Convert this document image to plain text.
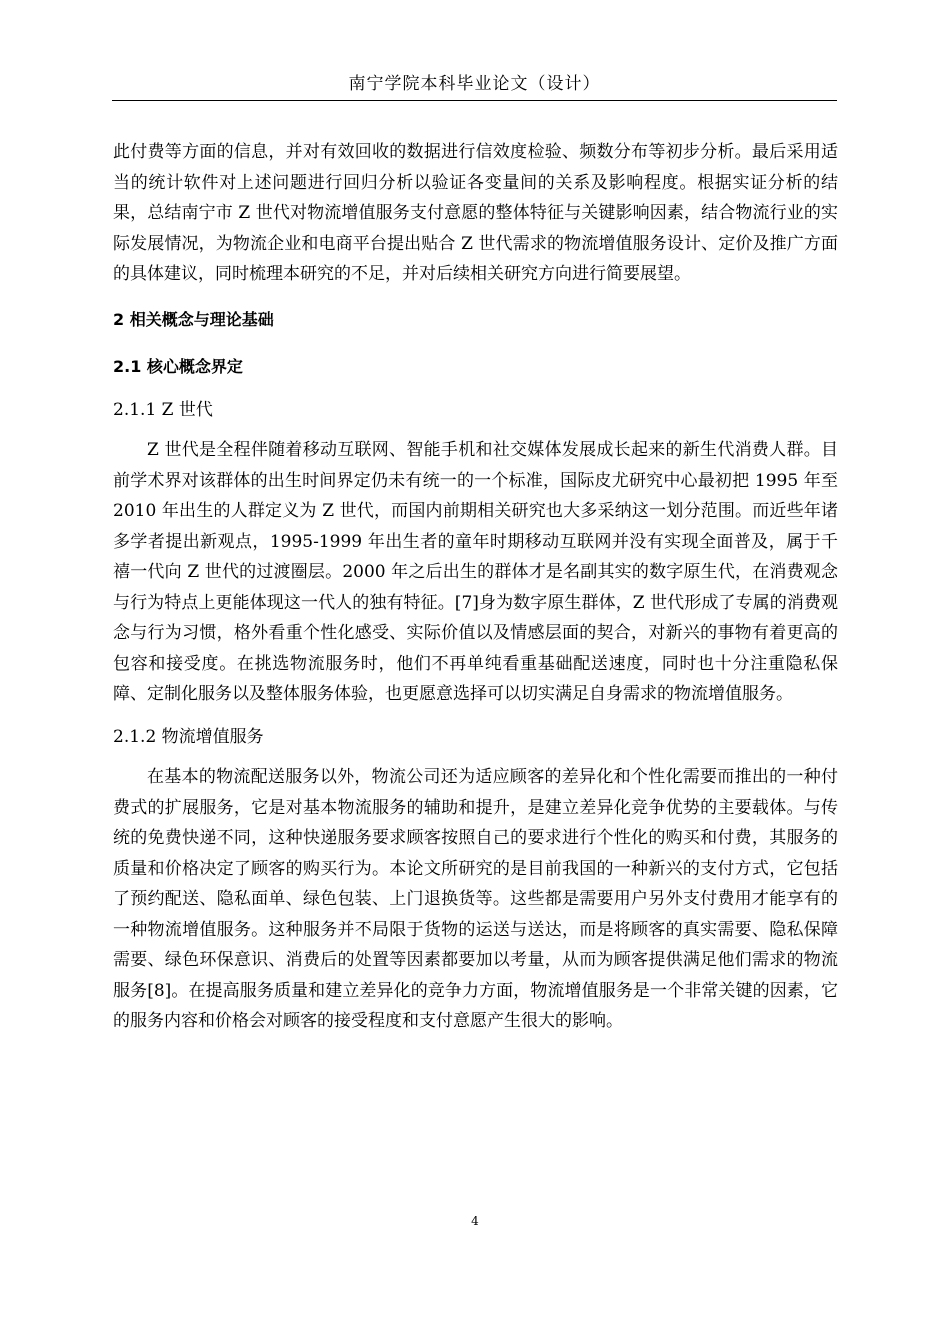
南宁学院本科毕业论文（设计）

此付费等方面的信息，并对有效回收的数据进行信效度检验、频数分布等初步分析。最后采用适当的统计软件对上述问题进行回归分析以验证各变量间的关系及影响程度。根据实证分析的结果，总结南宁市 Z 世代对物流增值服务支付意愿的整体特征与关键影响因素，结合物流行业的实际发展情况，为物流企业和电商平台提出贴合 Z 世代需求的物流增值服务设计、定价及推广方面的具体建议，同时梳理本研究的不足，并对后续相关研究方向进行简要展望。

2 相关概念与理论基础

2.1 核心概念界定

2.1.1 Z 世代

Z 世代是全程伴随着移动互联网、智能手机和社交媒体发展成长起来的新生代消费人群。目前学术界对该群体的出生时间界定仍未有统一的一个标准，国际皮尤研究中心最初把 1995 年至 2010 年出生的人群定义为 Z 世代，而国内前期相关研究也大多采纳这一划分范围。而近些年诸多学者提出新观点，1995-1999 年出生者的童年时期移动互联网并没有实现全面普及，属于千禧一代向 Z 世代的过渡圈层。2000 年之后出生的群体才是名副其实的数字原生代，在消费观念与行为特点上更能体现这一代人的独有特征。[7]身为数字原生群体，Z 世代形成了专属的消费观念与行为习惯，格外看重个性化感受、实际价值以及情感层面的契合，对新兴的事物有着更高的包容和接受度。在挑选物流服务时，他们不再单纯看重基础配送速度，同时也十分注重隐私保障、定制化服务以及整体服务体验，也更愿意选择可以切实满足自身需求的物流增值服务。

2.1.2 物流增值服务

在基本的物流配送服务以外，物流公司还为适应顾客的差异化和个性化需要而推出的一种付费式的扩展服务，它是对基本物流服务的辅助和提升，是建立差异化竞争优势的主要载体。与传统的免费快递不同，这种快递服务要求顾客按照自己的要求进行个性化的购买和付费，其服务的质量和价格决定了顾客的购买行为。本论文所研究的是目前我国的一种新兴的支付方式，它包括了预约配送、隐私面单、绿色包装、上门退换货等。这些都是需要用户另外支付费用才能享有的一种物流增值服务。这种服务并不局限于货物的运送与送达，而是将顾客的真实需要、隐私保障需要、绿色环保意识、消费后的处置等因素都要加以考量，从而为顾客提供满足他们需求的物流服务[8]。在提高服务质量和建立差异化的竞争力方面，物流增值服务是一个非常关键的因素，它的服务内容和价格会对顾客的接受程度和支付意愿产生很大的影响。

4
